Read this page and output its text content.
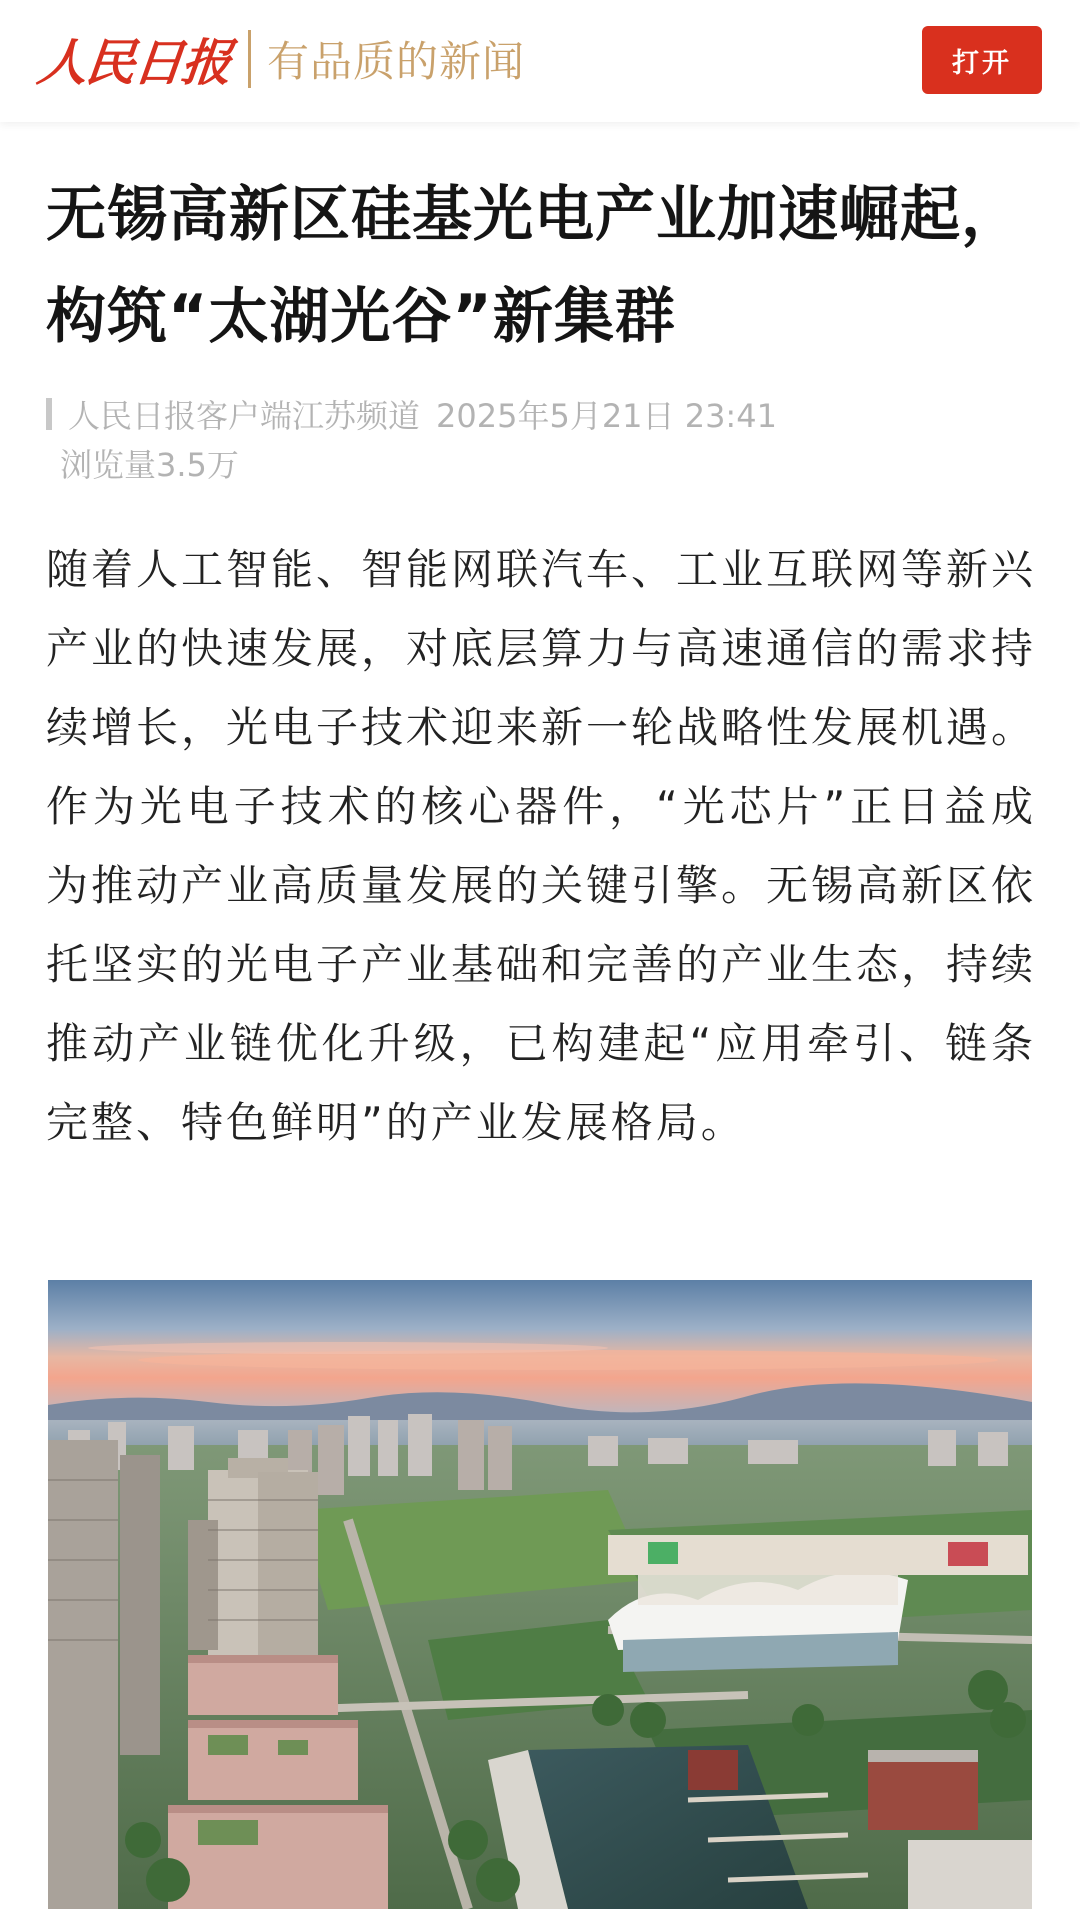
人民日报 有品质的新闻	打开
无锡高新区硅基光电产业加速崛起，构筑“太湖光谷”新集群
人民日报客户端江苏频道 2025年5月21日 23:41
浏览量3.5万

随着人工智能、智能网联汽车、工业互联网等新兴产业的快速发展，对底层算力与高速通信的需求持续增长，光电子技术迎来新一轮战略性发展机遇。作为光电子技术的核心器件，“光芯片”正日益成为推动产业高质量发展的关键引擎。无锡高新区依托坚实的光电子产业基础和完善的产业生态，持续推动产业链优化升级，已构建起“应用牵引、链条完整、特色鲜明”的产业发展格局。
